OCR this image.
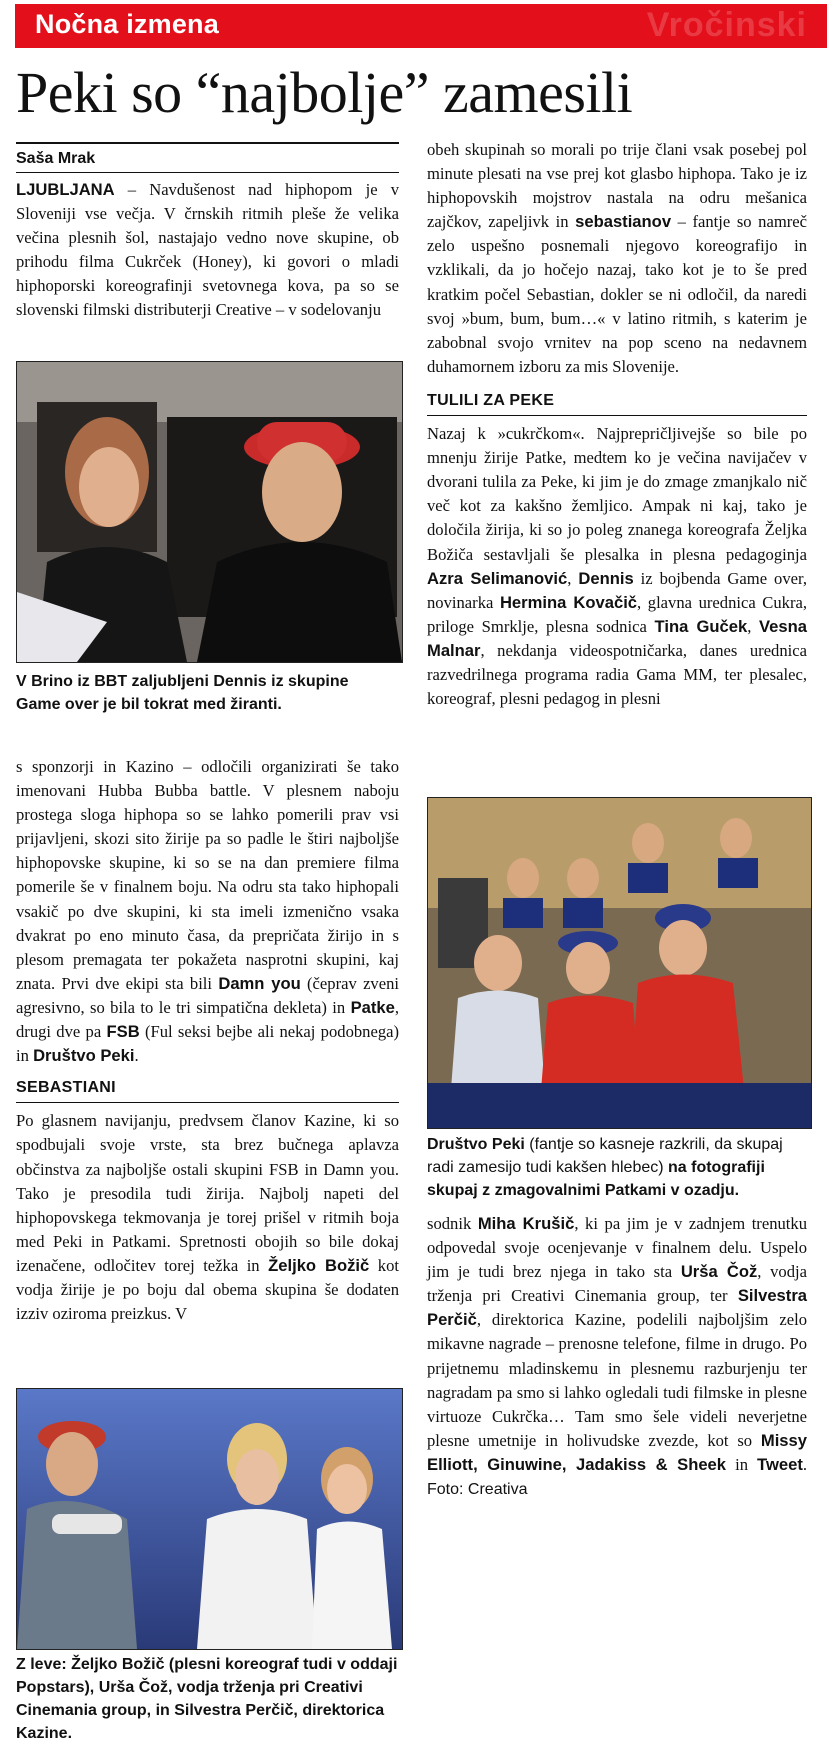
Vročinski
Nočna izmena
Peki so “najbolje” zamesili
Saša Mrak

LJUBLJANA – Navdušenost nad hiphopom je v Sloveniji vse večja. V črnskih ritmih pleše že velika večina plesnih šol, nastajajo vedno nove skupine, ob prihodu filma Cukrček (Honey), ki govori o mladi hiphoporski koreografinji svetovnega kova, pa so se slovenski filmski distributerji Creative – v sodelovanju

V Brino iz BBT zaljubljeni Dennis iz skupine Game over je bil tokrat med žiranti.

s sponzorji in Kazino – odločili organizirati še tako imenovani Hubba Bubba battle. V plesnem naboju prostega sloga hiphopa so se lahko pomerili prav vsi prijavljeni, skozi sito žirije pa so padle le štiri najboljše hiphopovske skupine, ki so se na dan premiere filma pomerile še v finalnem boju. Na odru sta tako hiphopali vsakič po dve skupini, ki sta imeli izmenično vsaka dvakrat po eno minuto časa, da prepričata žirijo in s plesom premagata ter pokažeta nasprotni skupini, kaj znata. Prvi dve ekipi sta bili Damn you (čeprav zveni agresivno, so bila to le tri simpatična dekleta) in Patke, drugi dve pa FSB (Ful seksi bejbe ali nekaj podobnega) in Društvo Peki.

SEBASTIANI

Po glasnem navijanju, predvsem članov Kazine, ki so spodbujali svoje vrste, sta brez bučnega aplavza občinstva za najboljše ostali skupini FSB in Damn you. Tako je presodila tudi žirija. Najbolj napeti del hiphopovskega tekmovanja je torej prišel v ritmih boja med Peki in Patkami. Spretnosti obojih so bile dokaj izenačene, odločitev torej težka in Željko Božič kot vodja žirije je po boju dal obema skupina še dodaten izziv oziroma preizkus. V

Z leve: Željko Božič (plesni koreograf tudi v oddaji Popstars), Urša Čož, vodja trženja pri Creativi Cinemania group, in Silvestra Perčič, direktorica Kazine.

obeh skupinah so morali po trije člani vsak posebej pol minute plesati na vse prej kot glasbo hiphopa. Tako je iz hiphopovskih mojstrov nastala na odru mešanica zajčkov, zapeljivk in sebastianov – fantje so namreč zelo uspešno posnemali njegovo koreografijo in vzklikali, da jo hočejo nazaj, tako kot je to še pred kratkim počel Sebastian, dokler se ni odločil, da naredi svoj »bum, bum, bum…« v latino ritmih, s katerim je zabobnal svojo vrnitev na pop sceno na nedavnem duhamornem izboru za mis Slovenije.

TULILI ZA PEKE

Nazaj k »cukrčkom«. Najprepričljivejše so bile po mnenju žirije Patke, medtem ko je večina navijačev v dvorani tulila za Peke, ki jim je do zmage zmanjkalo nič več kot za kakšno žemljico. Ampak ni kaj, tako je določila žirija, ki so jo poleg znanega koreografa Željka Božiča sestavljali še plesalka in plesna pedagoginja Azra Selimanović, Dennis iz bojbenda Game over, novinarka Hermina Kovačič, glavna urednica Cukra, priloge Smrklje, plesna sodnica Tina Guček, Vesna Malnar, nekdanja videospotničarka, danes urednica razvedrilnega programa radia Gama MM, ter plesalec, koreograf, plesni pedagog in plesni

Društvo Peki (fantje so kasneje razkrili, da skupaj radi zamesijo tudi kakšen hlebec) na fotografiji skupaj z zmagovalnimi Patkami v ozadju.

sodnik Miha Krušič, ki pa jim je v zadnjem trenutku odpovedal svoje ocenjevanje v finalnem delu. Uspelo jim je tudi brez njega in tako sta Urša Čož, vodja trženja pri Creativi Cinemania group, ter Silvestra Perčič, direktorica Kazine, podelili najboljšim zelo mikavne nagrade – prenosne telefone, filme in drugo. Po prijetnemu mladinskemu in plesnemu razburjenju ter nagradam pa smo si lahko ogledali tudi filmske in plesne virtuoze Cukrčka… Tam smo šele videli neverjetne plesne umetnije in holivudske zvezde, kot so Missy Elliott, Ginuwine, Jadakiss & Sheek in Tweet. Foto: Creativa
